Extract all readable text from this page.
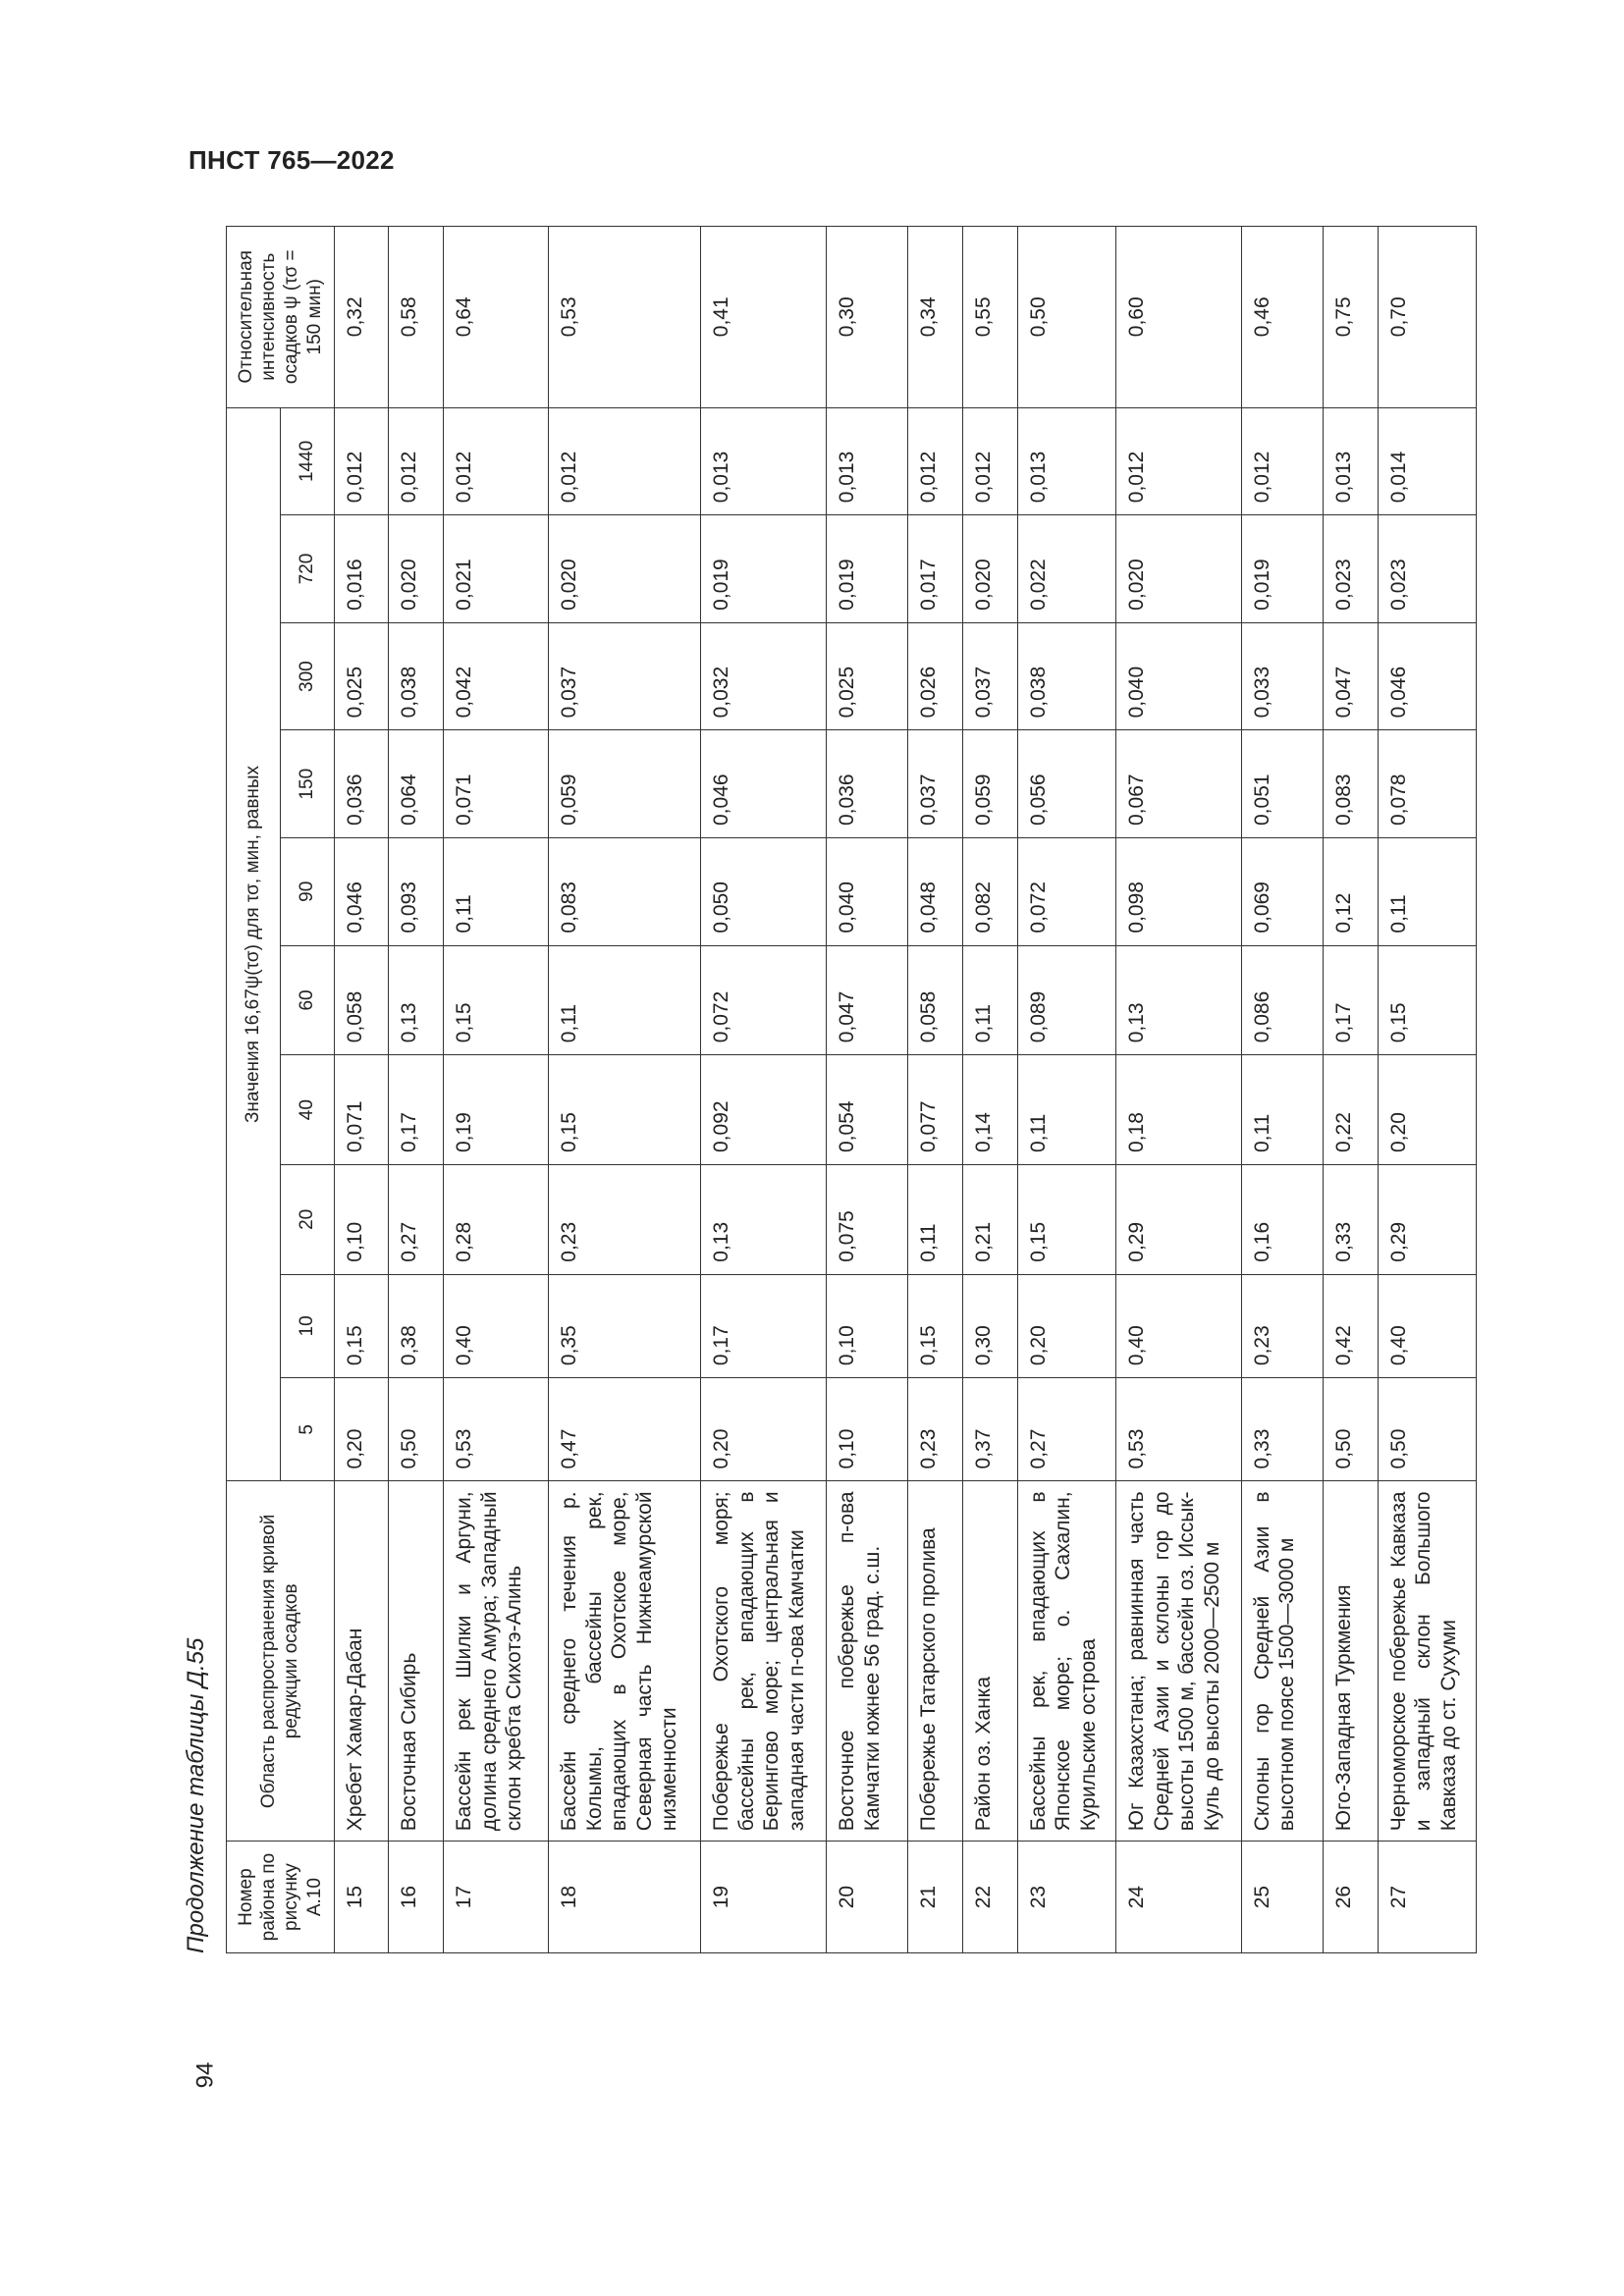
ПНСТ 765—2022
Продолжение таблицы Д.55 Номер района по рисунку А.10	Область распространения кривой редукции осадков	Значения 16,67ψ(τσ) для τσ, мин, равных										Относительная интенсивность осадков ψ (τσ = 150 мин)
		5	10	20	40	60	90	150	300	720	1440	
15	Хребет Хамар-Дабан	0,20	0,15	0,10	0,071	0,058	0,046	0,036	0,025	0,016	0,012	0,32
16	Восточная Сибирь	0,50	0,38	0,27	0,17	0,13	0,093	0,064	0,038	0,020	0,012	0,58
17	Бассейн рек Шилки и Аргуни, долина среднего Амура; Западный склон хребта Сихотэ-Алинь	0,53	0,40	0,28	0,19	0,15	0,11	0,071	0,042	0,021	0,012	0,64
18	Бассейн среднего течения р. Колымы, бассейны рек, впадающих в Охотское море, Северная часть Нижнеамурской низменности	0,47	0,35	0,23	0,15	0,11	0,083	0,059	0,037	0,020	0,012	0,53
19	Побережье Охотского моря; бассейны рек, впадающих в Берингово море; центральная и западная части п-ова Камчатки	0,20	0,17	0,13	0,092	0,072	0,050	0,046	0,032	0,019	0,013	0,41
20	Восточное побережье п-ова Камчатки южнее 56 град. с.ш.	0,10	0,10	0,075	0,054	0,047	0,040	0,036	0,025	0,019	0,013	0,30
21	Побережье Татарского пролива	0,23	0,15	0,11	0,077	0,058	0,048	0,037	0,026	0,017	0,012	0,34
22	Район оз. Ханка	0,37	0,30	0,21	0,14	0,11	0,082	0,059	0,037	0,020	0,012	0,55
23	Бассейны рек, впадающих в Японское море; о. Сахалин, Курильские острова	0,27	0,20	0,15	0,11	0,089	0,072	0,056	0,038	0,022	0,013	0,50
24	Юг Казахстана; равнинная часть Средней Азии и склоны гор до высоты 1500 м, бассейн оз. Иссык-Куль до высоты 2000—2500 м	0,53	0,40	0,29	0,18	0,13	0,098	0,067	0,040	0,020	0,012	0,60
25	Склоны гор Средней Азии в высотном поясе 1500—3000 м	0,33	0,23	0,16	0,11	0,086	0,069	0,051	0,033	0,019	0,012	0,46
26	Юго-Западная Туркмения	0,50	0,42	0,33	0,22	0,17	0,12	0,083	0,047	0,023	0,013	0,75
27	Черноморское побережье Кавказа и западный склон Большого Кавказа до ст. Сухуми	0,50	0,40	0,29	0,20	0,15	0,11	0,078	0,046	0,023	0,014	0,70
94
